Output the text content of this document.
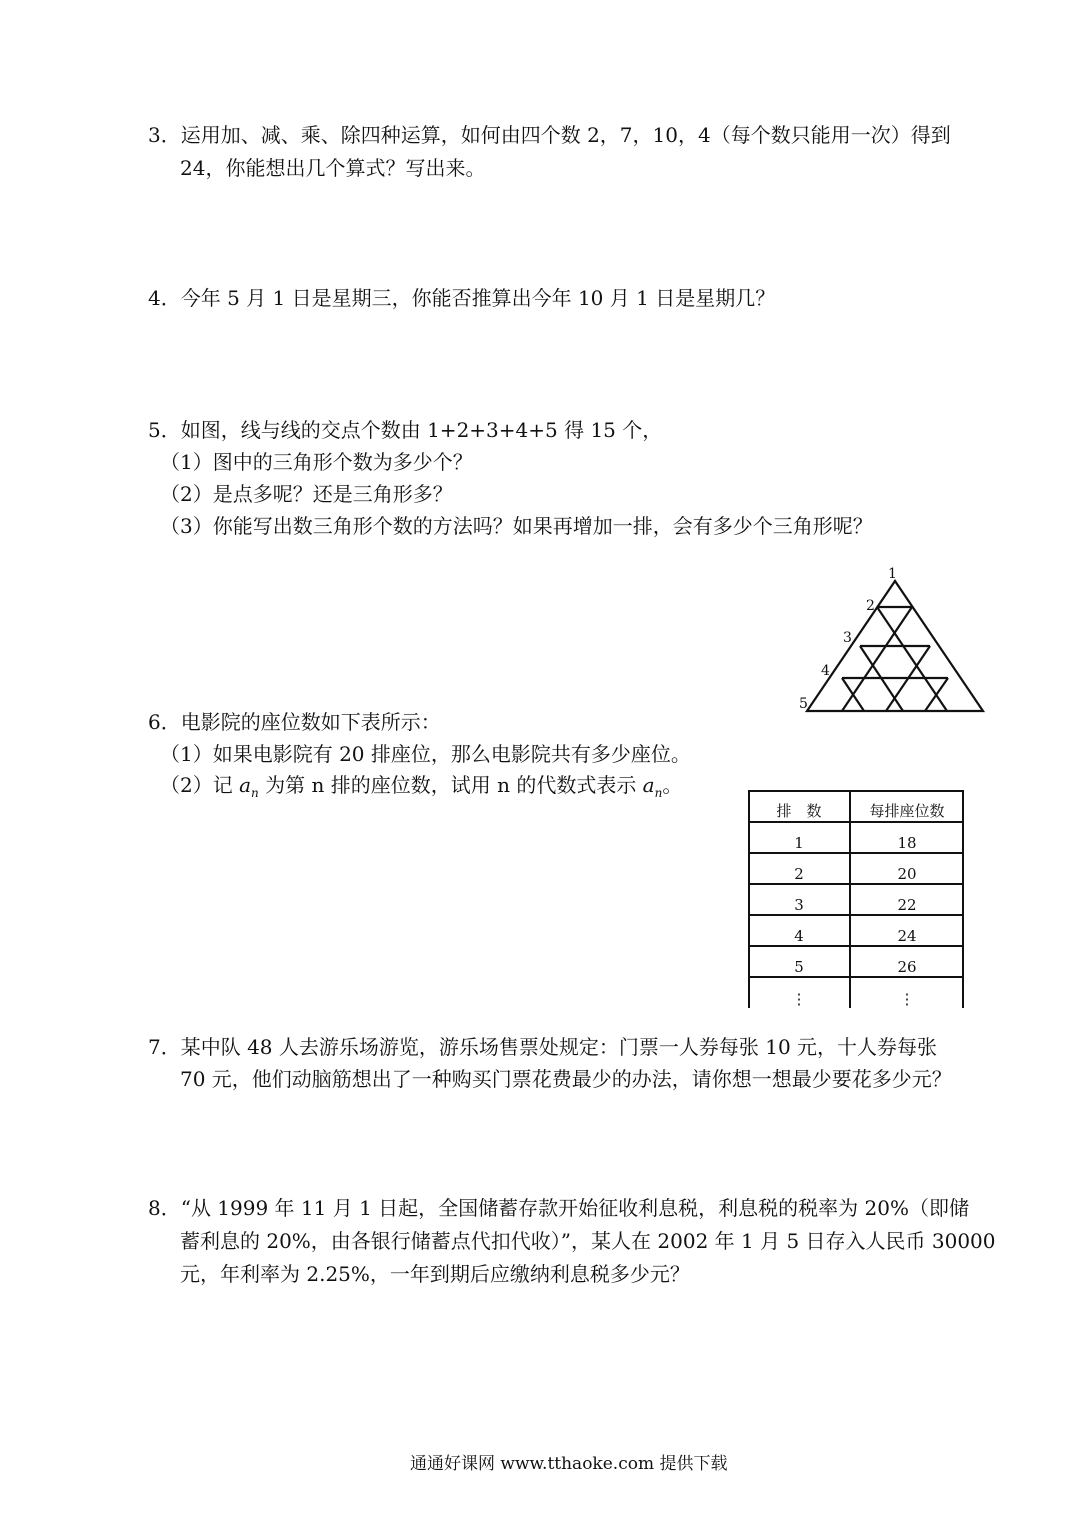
3．运用加、减、乘、除四种运算，如何由四个数 2，7，10，4（每个数只能用一次）得到
24，你能想出几个算式？写出来。
4．今年 5 月 1 日是星期三，你能否推算出今年 10 月 1 日是星期几？
5．如图，线与线的交点个数由 1+2+3+4+5 得 15 个，
（1）图中的三角形个数为多少个？
（2）是点多呢？还是三角形多？
（3）你能写出数三角形个数的方法吗？如果再增加一排，会有多少个三角形呢？
1
2
3
4
5
6．电影院的座位数如下表所示：
（1）如果电影院有 20 排座位，那么电影院共有多少座位。
（2）记 $a_n$ 为第 n 排的座位数，试用 n 的代数式表示 $a_n$。
排　数	每排座位数
1	18
2	20
3	22
4	24
5	26
⋮	⋮
7．某中队 48 人去游乐场游览，游乐场售票处规定：门票一人券每张 10 元，十人券每张
70 元，他们动脑筋想出了一种购买门票花费最少的办法，请你想一想最少要花多少元？
8．“从 1999 年 11 月 1 日起，全国储蓄存款开始征收利息税，利息税的税率为 20%（即储
蓄利息的 20%，由各银行储蓄点代扣代收）”，某人在 2002 年 1 月 5 日存入人民币 30000
元，年利率为 2.25%，一年到期后应缴纳利息税多少元？
通通好课网 www.tthaoke.com 提供下载
